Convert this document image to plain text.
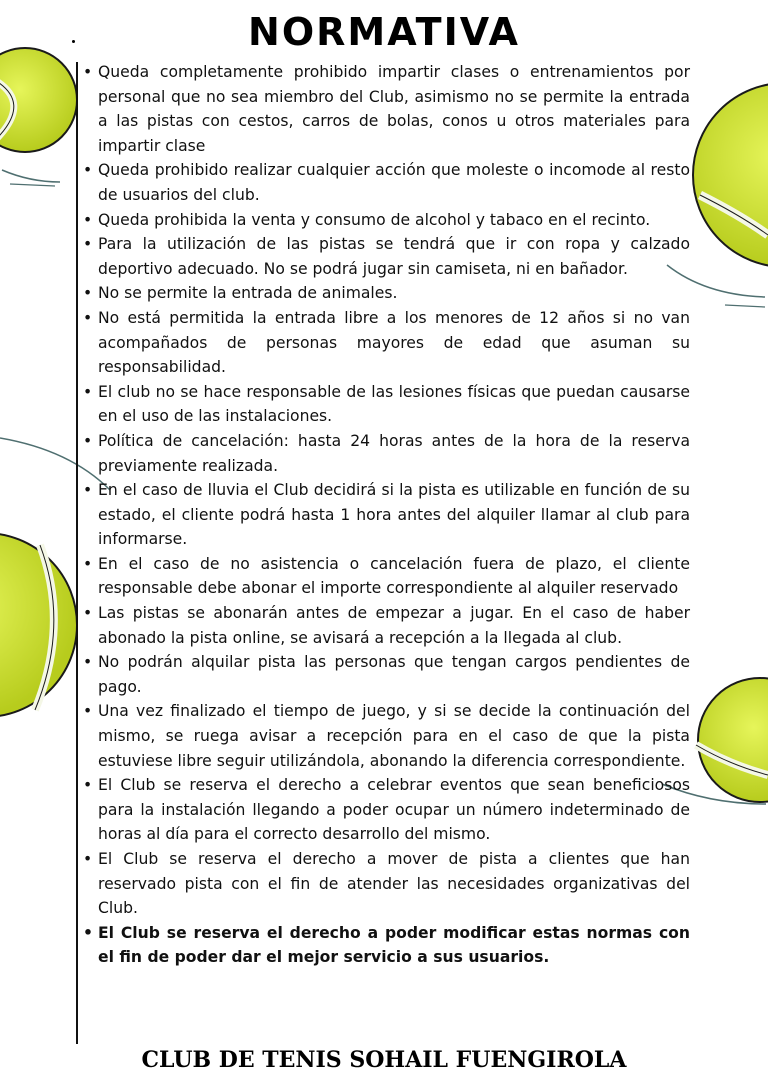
NORMATIVA
• Queda completamente prohibido impartir clases o entrenamientos por personal que no sea miembro del Club, asimismo no se permite la entrada a las pistas con cestos, carros de bolas, conos u otros materiales para impartir clase
• Queda prohibido realizar cualquier acción que moleste o incomode al resto de usuarios del club.
• Queda prohibida la venta y consumo de alcohol y tabaco en el recinto.
• Para la utilización de las pistas se tendrá que ir con ropa y calzado deportivo adecuado. No se podrá jugar sin camiseta, ni en bañador.
• No se permite la entrada de animales.
• No está permitida la entrada libre a los menores de 12 años si no van acompañados de personas mayores de edad que asuman su responsabilidad.
• El club no se hace responsable de las lesiones físicas que puedan causarse en el uso de las instalaciones.
• Política de cancelación: hasta 24 horas antes de la hora de la reserva previamente realizada.
• En el caso de lluvia el Club decidirá si la pista es utilizable en función de su estado, el cliente podrá hasta 1 hora antes del alquiler llamar al club para informarse.
• En el caso de no asistencia o cancelación fuera de plazo, el cliente responsable debe abonar el importe correspondiente al alquiler reservado
• Las pistas se abonarán antes de empezar a jugar. En el caso de haber abonado la pista online, se avisará a recepción a la llegada al club.
• No podrán alquilar pista las personas que tengan cargos pendientes de pago.
• Una vez finalizado el tiempo de juego, y si se decide la continuación del mismo, se ruega avisar a recepción para en el caso de que la pista estuviese libre seguir utilizándola, abonando la diferencia correspondiente.
• El Club se reserva el derecho a celebrar eventos que sean beneficiosos para la instalación llegando a poder ocupar un número indeterminado de horas al día para el correcto desarrollo del mismo.
• El Club se reserva el derecho a mover de pista a clientes que han reservado pista con el fin de atender las necesidades organizativas del Club.
• El Club se reserva el derecho a poder modificar estas normas con el fin de poder dar el mejor servicio a sus usuarios.
CLUB DE TENIS SOHAIL FUENGIROLA
